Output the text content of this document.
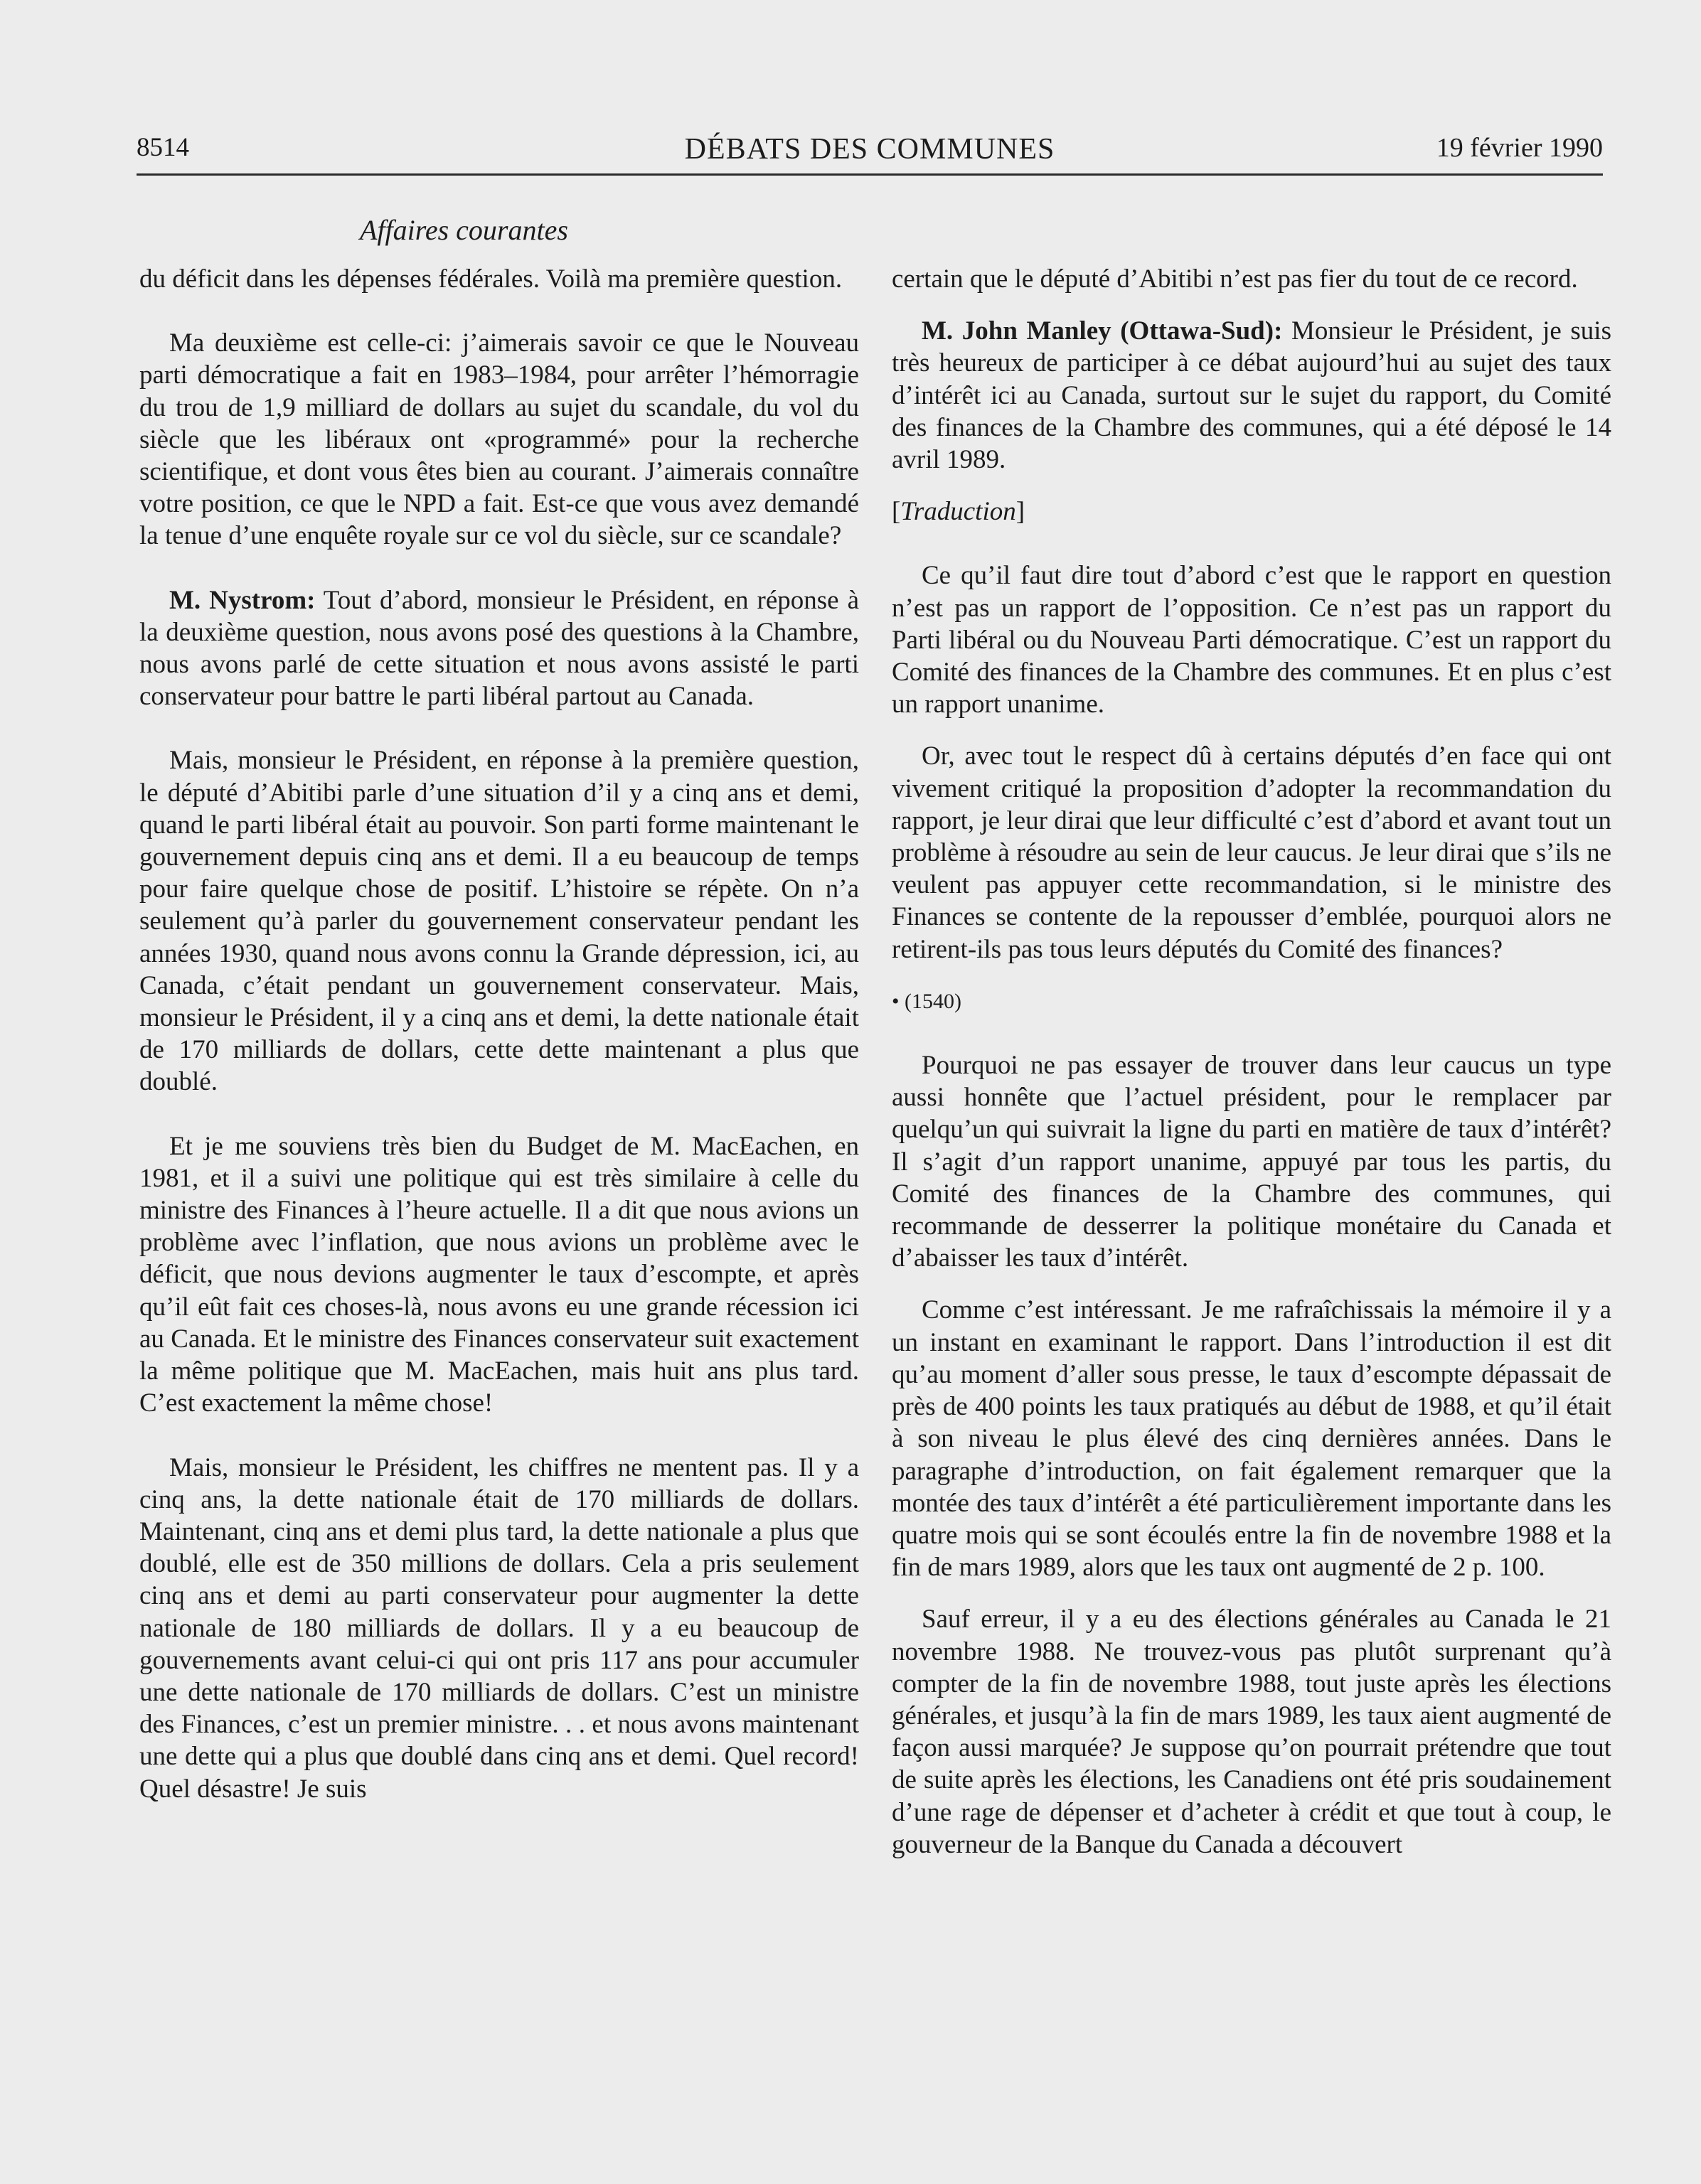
8514	DÉBATS DES COMMUNES	19 février 1990
Affaires courantes

du déficit dans les dépenses fédérales. Voilà ma première question.

Ma deuxième est celle-ci: j’aimerais savoir ce que le Nouveau parti démocratique a fait en 1983–1984, pour arrêter l’hémorragie du trou de 1,9 milliard de dollars au sujet du scandale, du vol du siècle que les libéraux ont «programmé» pour la recherche scientifique, et dont vous êtes bien au courant. J’aimerais connaître votre position, ce que le NPD a fait. Est-ce que vous avez demandé la tenue d’une enquête royale sur ce vol du siècle, sur ce scandale?

M. Nystrom: Tout d’abord, monsieur le Président, en réponse à la deuxième question, nous avons posé des questions à la Chambre, nous avons parlé de cette situation et nous avons assisté le parti conservateur pour battre le parti libéral partout au Canada.

Mais, monsieur le Président, en réponse à la première question, le député d’Abitibi parle d’une situation d’il y a cinq ans et demi, quand le parti libéral était au pouvoir. Son parti forme maintenant le gouvernement depuis cinq ans et demi. Il a eu beaucoup de temps pour faire quelque chose de positif. L’histoire se répète. On n’a seulement qu’à parler du gouvernement conservateur pendant les années 1930, quand nous avons connu la Grande dépression, ici, au Canada, c’était pendant un gouvernement conservateur. Mais, monsieur le Président, il y a cinq ans et demi, la dette nationale était de 170 milliards de dollars, cette dette maintenant a plus que doublé.

Et je me souviens très bien du Budget de M. MacEachen, en 1981, et il a suivi une politique qui est très similaire à celle du ministre des Finances à l’heure actuelle. Il a dit que nous avions un problème avec l’inflation, que nous avions un problème avec le déficit, que nous devions augmenter le taux d’escompte, et après qu’il eût fait ces choses-là, nous avons eu une grande récession ici au Canada. Et le ministre des Finances conservateur suit exactement la même politique que M. MacEachen, mais huit ans plus tard. C’est exactement la même chose!

Mais, monsieur le Président, les chiffres ne mentent pas. Il y a cinq ans, la dette nationale était de 170 milliards de dollars. Maintenant, cinq ans et demi plus tard, la dette nationale a plus que doublé, elle est de 350 millions de dollars. Cela a pris seulement cinq ans et demi au parti conservateur pour augmenter la dette nationale de 180 milliards de dollars. Il y a eu beaucoup de gouvernements avant celui-ci qui ont pris 117 ans pour accumuler une dette nationale de 170 milliards de dollars. C’est un ministre des Finances, c’est un premier ministre. . . et nous avons maintenant une dette qui a plus que doublé dans cinq ans et demi. Quel record! Quel désastre! Je suis

certain que le député d’Abitibi n’est pas fier du tout de ce record.

M. John Manley (Ottawa-Sud): Monsieur le Président, je suis très heureux de participer à ce débat aujourd’hui au sujet des taux d’intérêt ici au Canada, surtout sur le sujet du rapport, du Comité des finances de la Chambre des communes, qui a été déposé le 14 avril 1989.

[Traduction]

Ce qu’il faut dire tout d’abord c’est que le rapport en question n’est pas un rapport de l’opposition. Ce n’est pas un rapport du Parti libéral ou du Nouveau Parti démocratique. C’est un rapport du Comité des finances de la Chambre des communes. Et en plus c’est un rapport unanime.

Or, avec tout le respect dû à certains députés d’en face qui ont vivement critiqué la proposition d’adopter la recommandation du rapport, je leur dirai que leur difficulté c’est d’abord et avant tout un problème à résoudre au sein de leur caucus. Je leur dirai que s’ils ne veulent pas appuyer cette recommandation, si le ministre des Finances se contente de la repousser d’emblée, pourquoi alors ne retirent-ils pas tous leurs députés du Comité des finances?

• (1540)

Pourquoi ne pas essayer de trouver dans leur caucus un type aussi honnête que l’actuel président, pour le remplacer par quelqu’un qui suivrait la ligne du parti en matière de taux d’intérêt? Il s’agit d’un rapport unanime, appuyé par tous les partis, du Comité des finances de la Chambre des communes, qui recommande de desserrer la politique monétaire du Canada et d’abaisser les taux d’intérêt.

Comme c’est intéressant. Je me rafraîchissais la mémoire il y a un instant en examinant le rapport. Dans l’introduction il est dit qu’au moment d’aller sous presse, le taux d’escompte dépassait de près de 400 points les taux pratiqués au début de 1988, et qu’il était à son niveau le plus élevé des cinq dernières années. Dans le paragraphe d’introduction, on fait également remarquer que la montée des taux d’intérêt a été particulièrement importante dans les quatre mois qui se sont écoulés entre la fin de novembre 1988 et la fin de mars 1989, alors que les taux ont augmenté de 2 p. 100.

Sauf erreur, il y a eu des élections générales au Canada le 21 novembre 1988. Ne trouvez-vous pas plutôt surprenant qu’à compter de la fin de novembre 1988, tout juste après les élections générales, et jusqu’à la fin de mars 1989, les taux aient augmenté de façon aussi marquée? Je suppose qu’on pourrait prétendre que tout de suite après les élections, les Canadiens ont été pris soudainement d’une rage de dépenser et d’acheter à crédit et que tout à coup, le gouverneur de la Banque du Canada a découvert
